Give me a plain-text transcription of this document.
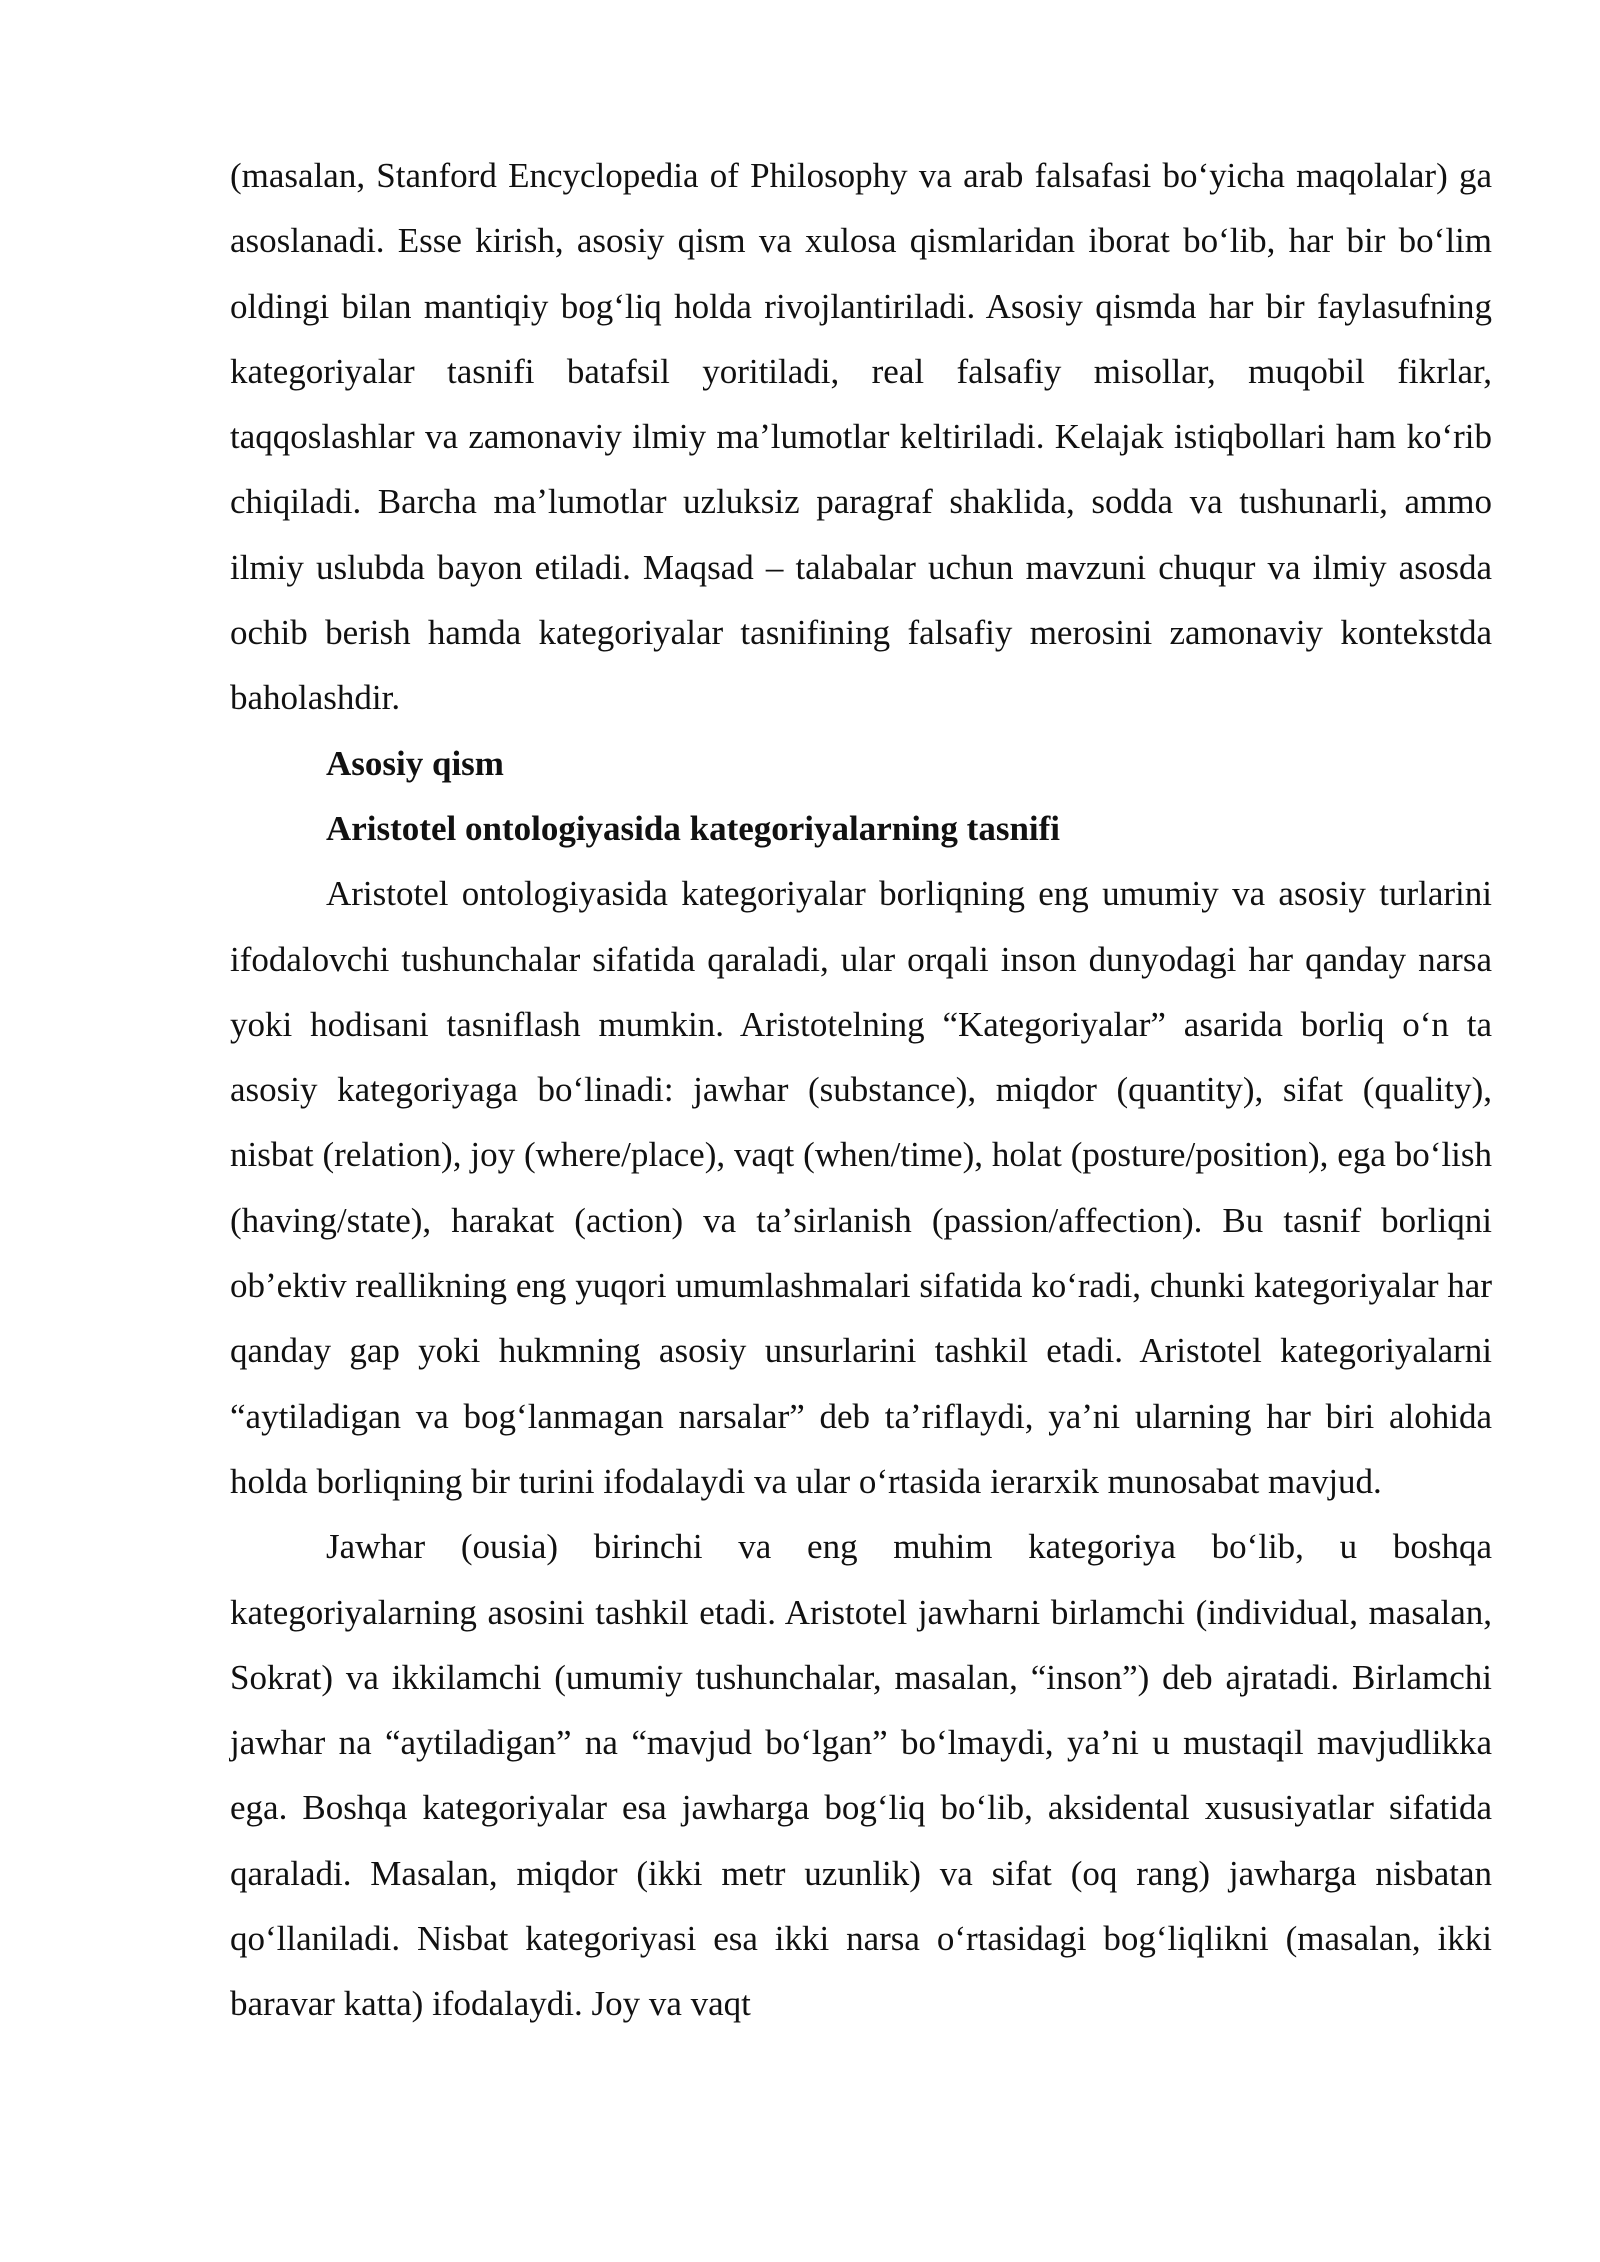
(masalan, Stanford Encyclopedia of Philosophy va arab falsafasi boʻyicha maqolalar) ga asoslanadi. Esse kirish, asosiy qism va xulosa qismlaridan iborat boʻlib, har bir boʻlim oldingi bilan mantiqiy bogʻliq holda rivojlantiriladi. Asosiy qismda har bir faylasufning kategoriyalar tasnifi batafsil yoritiladi, real falsafiy misollar, muqobil fikrlar, taqqoslashlar va zamonaviy ilmiy maʼlumotlar keltiriladi. Kelajak istiqbollari ham koʻrib chiqiladi. Barcha maʼlumotlar uzluksiz paragraf shaklida, sodda va tushunarli, ammo ilmiy uslubda bayon etiladi. Maqsad – talabalar uchun mavzuni chuqur va ilmiy asosda ochib berish hamda kategoriyalar tasnifining falsafiy merosini zamonaviy kontekstda baholashdir.

Asosiy qism
Aristotel ontologiyasida kategoriyalarning tasnifi

Aristotel ontologiyasida kategoriyalar borliqning eng umumiy va asosiy turlarini ifodalovchi tushunchalar sifatida qaraladi, ular orqali inson dunyodagi har qanday narsa yoki hodisani tasniflash mumkin. Aristotelning “Kategoriyalar” asarida borliq oʻn ta asosiy kategoriyaga boʻlinadi: jawhar (substance), miqdor (quantity), sifat (quality), nisbat (relation), joy (where/place), vaqt (when/time), holat (posture/position), ega boʻlish (having/state), harakat (action) va taʼsirlanish (passion/affection). Bu tasnif borliqni obʼektiv reallikning eng yuqori umumlashmalari sifatida koʻradi, chunki kategoriyalar har qanday gap yoki hukmning asosiy unsurlarini tashkil etadi. Aristotel kategoriyalarni “aytiladigan va bogʻlanmagan narsalar” deb taʼriflaydi, yaʼni ularning har biri alohida holda borliqning bir turini ifodalaydi va ular oʻrtasida ierarxik munosabat mavjud.

Jawhar (ousia) birinchi va eng muhim kategoriya boʻlib, u boshqa kategoriyalarning asosini tashkil etadi. Aristotel jawharni birlamchi (individual, masalan, Sokrat) va ikkilamchi (umumiy tushunchalar, masalan, “inson”) deb ajratadi. Birlamchi jawhar na “aytiladigan” na “mavjud boʻlgan” boʻlmaydi, yaʼni u mustaqil mavjudlikka ega. Boshqa kategoriyalar esa jawharga bogʻliq boʻlib, aksidental xususiyatlar sifatida qaraladi. Masalan, miqdor (ikki metr uzunlik) va sifat (oq rang) jawharga nisbatan qoʻllaniladi. Nisbat kategoriyasi esa ikki narsa oʻrtasidagi bogʻliqlikni (masalan, ikki baravar katta) ifodalaydi. Joy va vaqt
